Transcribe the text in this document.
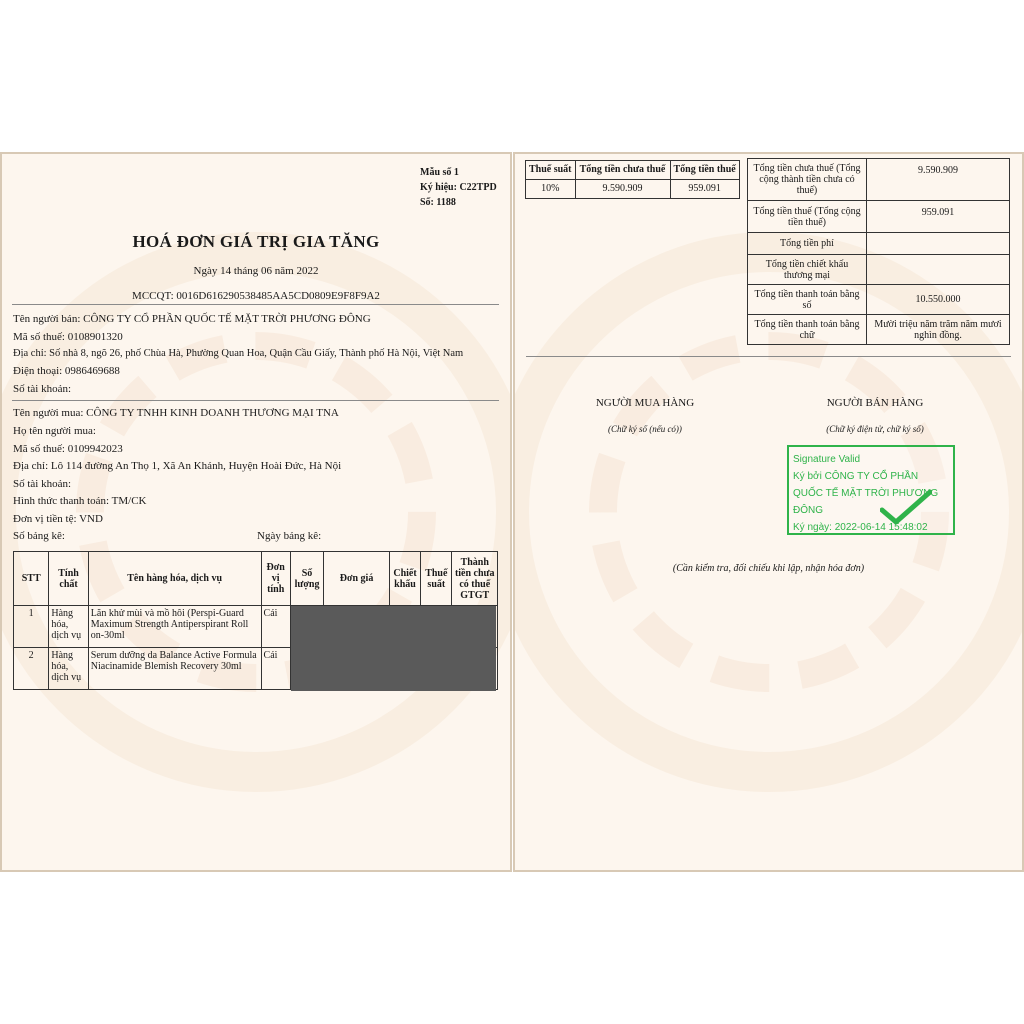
Mẫu số 1
Ký hiệu: C22TPD
Số: 1188
HOÁ ĐƠN GIÁ TRỊ GIA TĂNG
Ngày 14 tháng 06 năm 2022
MCCQT: 0016D616290538485AA5CD0809E9F8F9A2
Tên người bán: CÔNG TY CỔ PHẦN QUỐC TẾ MẶT TRỜI PHƯƠNG ĐÔNG
Mã số thuế: 0108901320
Địa chỉ: Số nhà 8, ngõ 26, phố Chùa Hà, Phường Quan Hoa, Quận Cầu Giấy, Thành phố Hà Nội, Việt Nam
Điện thoại: 0986469688
Số tài khoản:
Tên người mua: CÔNG TY TNHH KINH DOANH THƯƠNG MẠI TNA
Họ tên người mua:
Mã số thuế: 0109942023
Địa chỉ: Lô 114 đường An Thọ 1, Xã An Khánh, Huyện Hoài Đức, Hà Nội
Số tài khoản:
Hình thức thanh toán: TM/CK
Đơn vị tiền tệ: VND
Số bảng kê:	Ngày bảng kê:
STT	Tính chất	Tên hàng hóa, dịch vụ	Đơn vị tính	Số lượng	Đơn giá	Chiết khấu	Thuế suất	Thành tiền chưa có thuế GTGT
1	Hàng hóa, dịch vụ	Lăn khử mùi và mồ hôi (Perspi-Guard Maximum Strength Antiperspirant Roll on-30ml	Cái					
2	Hàng hóa, dịch vụ	Serum dưỡng da Balance Active Formula Niacinamide Blemish Recovery 30ml	Cái					
Thuế suất	Tổng tiền chưa thuế	Tổng tiền thuế
10%	9.590.909	959.091
Tổng tiền chưa thuế (Tổng cộng thành tiền chưa có thuế)	9.590.909
Tổng tiền thuế (Tổng cộng tiền thuế)	959.091
Tổng tiền phí	
Tổng tiền chiết khấu thương mại	
Tổng tiền thanh toán bằng số	10.550.000
Tổng tiền thanh toán bằng chữ	Mười triệu năm trăm năm mươi nghìn đồng.
NGƯỜI MUA HÀNG
(Chữ ký số (nếu có))
NGƯỜI BÁN HÀNG
(Chữ ký điện tử, chữ ký số)
Signature Valid
Ký bởi CÔNG TY CỔ PHẦN
QUỐC TẾ MẶT TRỜI PHƯƠNG
ĐÔNG
Ký ngày: 2022-06-14 15:48:02
(Cần kiểm tra, đối chiếu khi lập, nhận hóa đơn)
